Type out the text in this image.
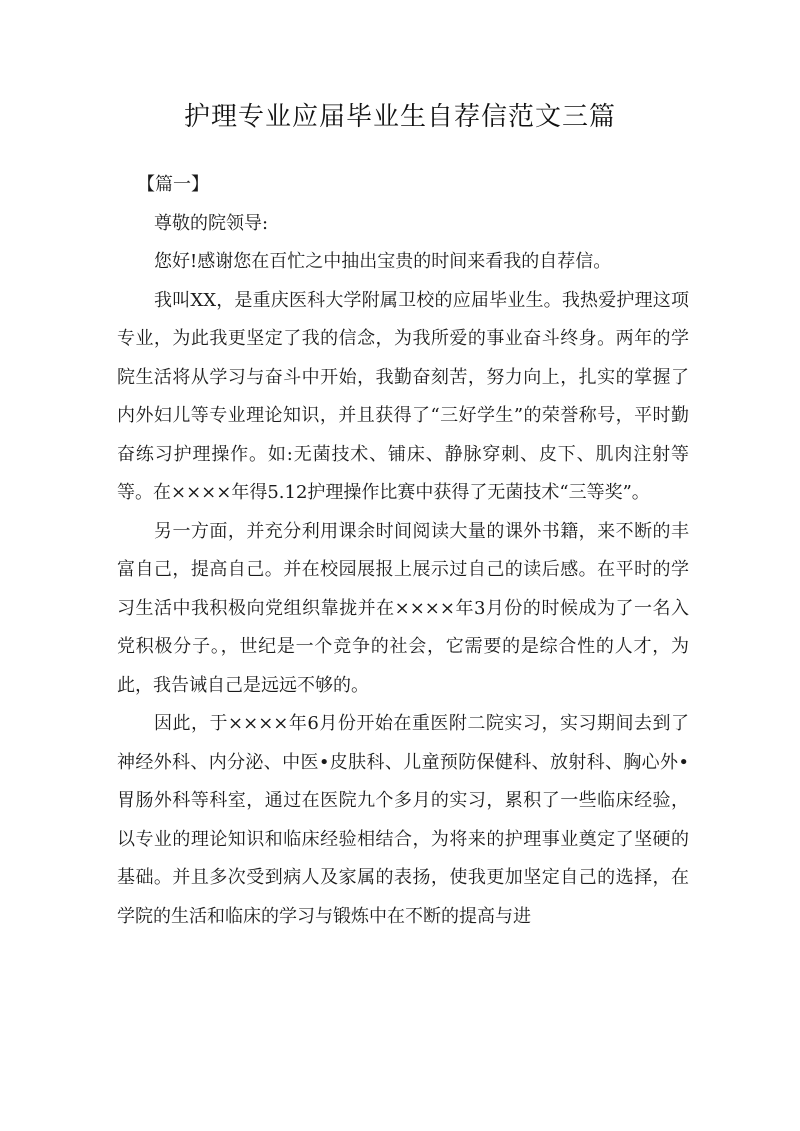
护理专业应届毕业生自荐信范文三篇

【篇一】

尊敬的院领导:

您好!感谢您在百忙之中抽出宝贵的时间来看我的自荐信。

我叫XX，是重庆医科大学附属卫校的应届毕业生。我热爱护理这项专业，为此我更坚定了我的信念，为我所爱的事业奋斗终身。两年的学院生活将从学习与奋斗中开始，我勤奋刻苦，努力向上，扎实的掌握了内外妇儿等专业理论知识，并且获得了“三好学生”的荣誉称号，平时勤奋练习护理操作。如:无菌技术、铺床、静脉穿刺、皮下、肌肉注射等等。在××××年得5.12护理操作比赛中获得了无菌技术“三等奖”。

另一方面，并充分利用课余时间阅读大量的课外书籍，来不断的丰富自己，提高自己。并在校园展报上展示过自己的读后感。在平时的学习生活中我积极向党组织靠拢并在××××年3月份的时候成为了一名入党积极分子。，世纪是一个竞争的社会，它需要的是综合性的人才，为此，我告诫自己是远远不够的。

因此，于××××年6月份开始在重医附二院实习，实习期间去到了神经外科、内分泌、中医•皮肤科、儿童预防保健科、放射科、胸心外•胃肠外科等科室，通过在医院九个多月的实习，累积了一些临床经验，以专业的理论知识和临床经验相结合，为将来的护理事业奠定了坚硬的基础。并且多次受到病人及家属的表扬，使我更加坚定自己的选择，在学院的生活和临床的学习与锻炼中在不断的提高与进
